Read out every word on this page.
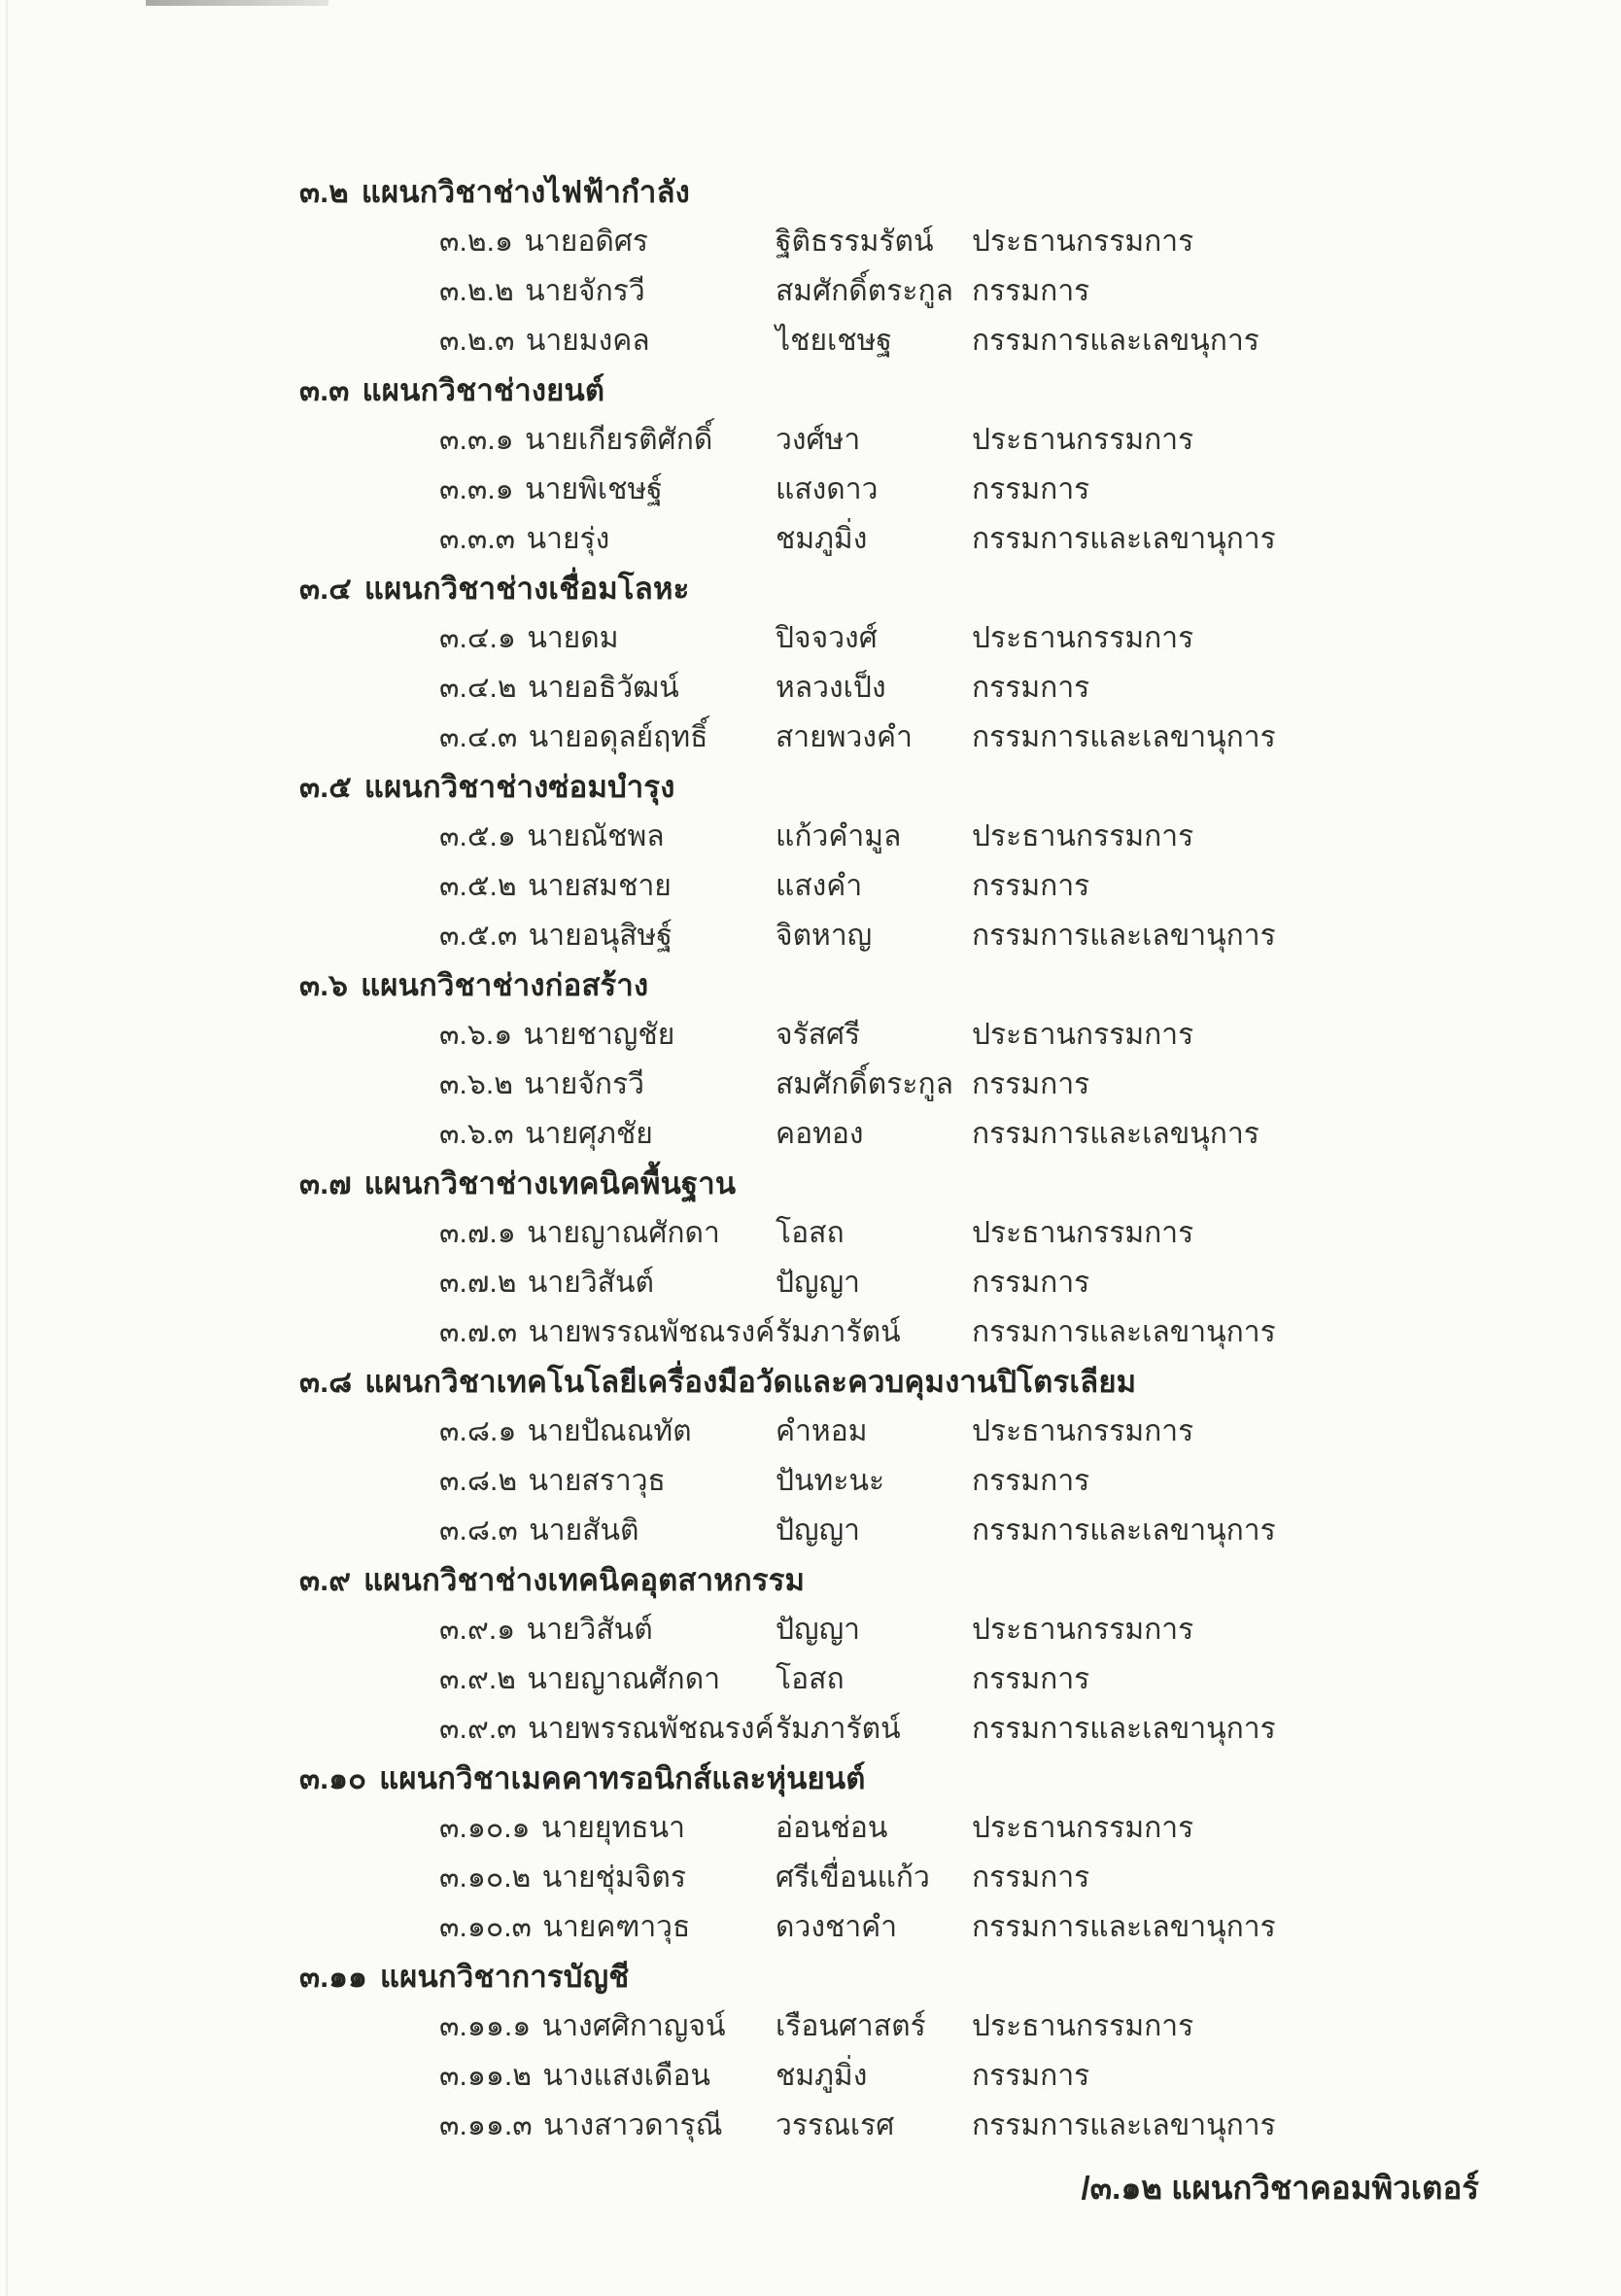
๓.๒ แผนกวิชาช่างไฟฟ้ากำลัง
๓.๒.๑ นายอดิศร	ฐิติธรรมรัตน์	ประธานกรรมการ
๓.๒.๒ นายจักรวี	สมศักดิ์ตระกูล กรรมการ
๓.๒.๓ นายมงคล	ไชยเชษฐ	กรรมการและเลขนุการ
๓.๓ แผนกวิชาช่างยนต์
๓.๓.๑ นายเกียรติศักดิ์	วงศ์ษา	ประธานกรรมการ
๓.๓.๑ นายพิเชษฐ์	แสงดาว	กรรมการ
๓.๓.๓ นายรุ่ง	ชมภูมิ่ง	กรรมการและเลขานุการ
๓.๔ แผนกวิชาช่างเชื่อมโลหะ
๓.๔.๑ นายดม	ปิจจวงศ์	ประธานกรรมการ
๓.๔.๒ นายอธิวัฒน์	หลวงเป็ง	กรรมการ
๓.๔.๓ นายอดุลย์ฤทธิ์	สายพวงคำ	กรรมการและเลขานุการ
๓.๕ แผนกวิชาช่างซ่อมบำรุง
๓.๕.๑ นายณัชพล	แก้วคำมูล	ประธานกรรมการ
๓.๕.๒ นายสมชาย	แสงคำ	กรรมการ
๓.๕.๓ นายอนุสิษฐ์	จิตหาญ	กรรมการและเลขานุการ
๓.๖ แผนกวิชาช่างก่อสร้าง
๓.๖.๑ นายชาญชัย	จรัสศรี	ประธานกรรมการ
๓.๖.๒ นายจักรวี	สมศักดิ์ตระกูล กรรมการ
๓.๖.๓ นายศุภชัย	คอทอง	กรรมการและเลขนุการ
๓.๗ แผนกวิชาช่างเทคนิคพื้นฐาน
๓.๗.๑ นายญาณศักดา	โอสถ	ประธานกรรมการ
๓.๗.๒ นายวิสันต์	ปัญญา	กรรมการ
๓.๗.๓ นายพรรณพัชณรงค์ รัมภารัตน์	กรรมการและเลขานุการ
๓.๘ แผนกวิชาเทคโนโลยีเครื่องมือวัดและควบคุมงานปิโตรเลียม
๓.๘.๑ นายปัณณทัต	คำหอม	ประธานกรรมการ
๓.๘.๒ นายสราวุธ	ปันทะนะ	กรรมการ
๓.๘.๓ นายสันติ	ปัญญา	กรรมการและเลขานุการ
๓.๙ แผนกวิชาช่างเทคนิคอุตสาหกรรม
๓.๙.๑ นายวิสันต์	ปัญญา	ประธานกรรมการ
๓.๙.๒ นายญาณศักดา	โอสถ	กรรมการ
๓.๙.๓ นายพรรณพัชณรงค์ รัมภารัตน์	กรรมการและเลขานุการ
๓.๑๐ แผนกวิชาเมคคาทรอนิกส์และหุ่นยนต์
๓.๑๐.๑ นายยุทธนา	อ่อนช่อน	ประธานกรรมการ
๓.๑๐.๒ นายชุ่มจิตร	ศรีเขื่อนแก้ว	กรรมการ
๓.๑๐.๓ นายคฑาวุธ	ดวงชาคำ	กรรมการและเลขานุการ
๓.๑๑ แผนกวิชาการบัญชี
๓.๑๑.๑ นางศศิกาญจน์	เรือนศาสตร์	ประธานกรรมการ
๓.๑๑.๒ นางแสงเดือน	ชมภูมิ่ง	กรรมการ
๓.๑๑.๓ นางสาวดารุณี	วรรณเรศ	กรรมการและเลขานุการ
/๓.๑๒ แผนกวิชาคอมพิวเตอร์
